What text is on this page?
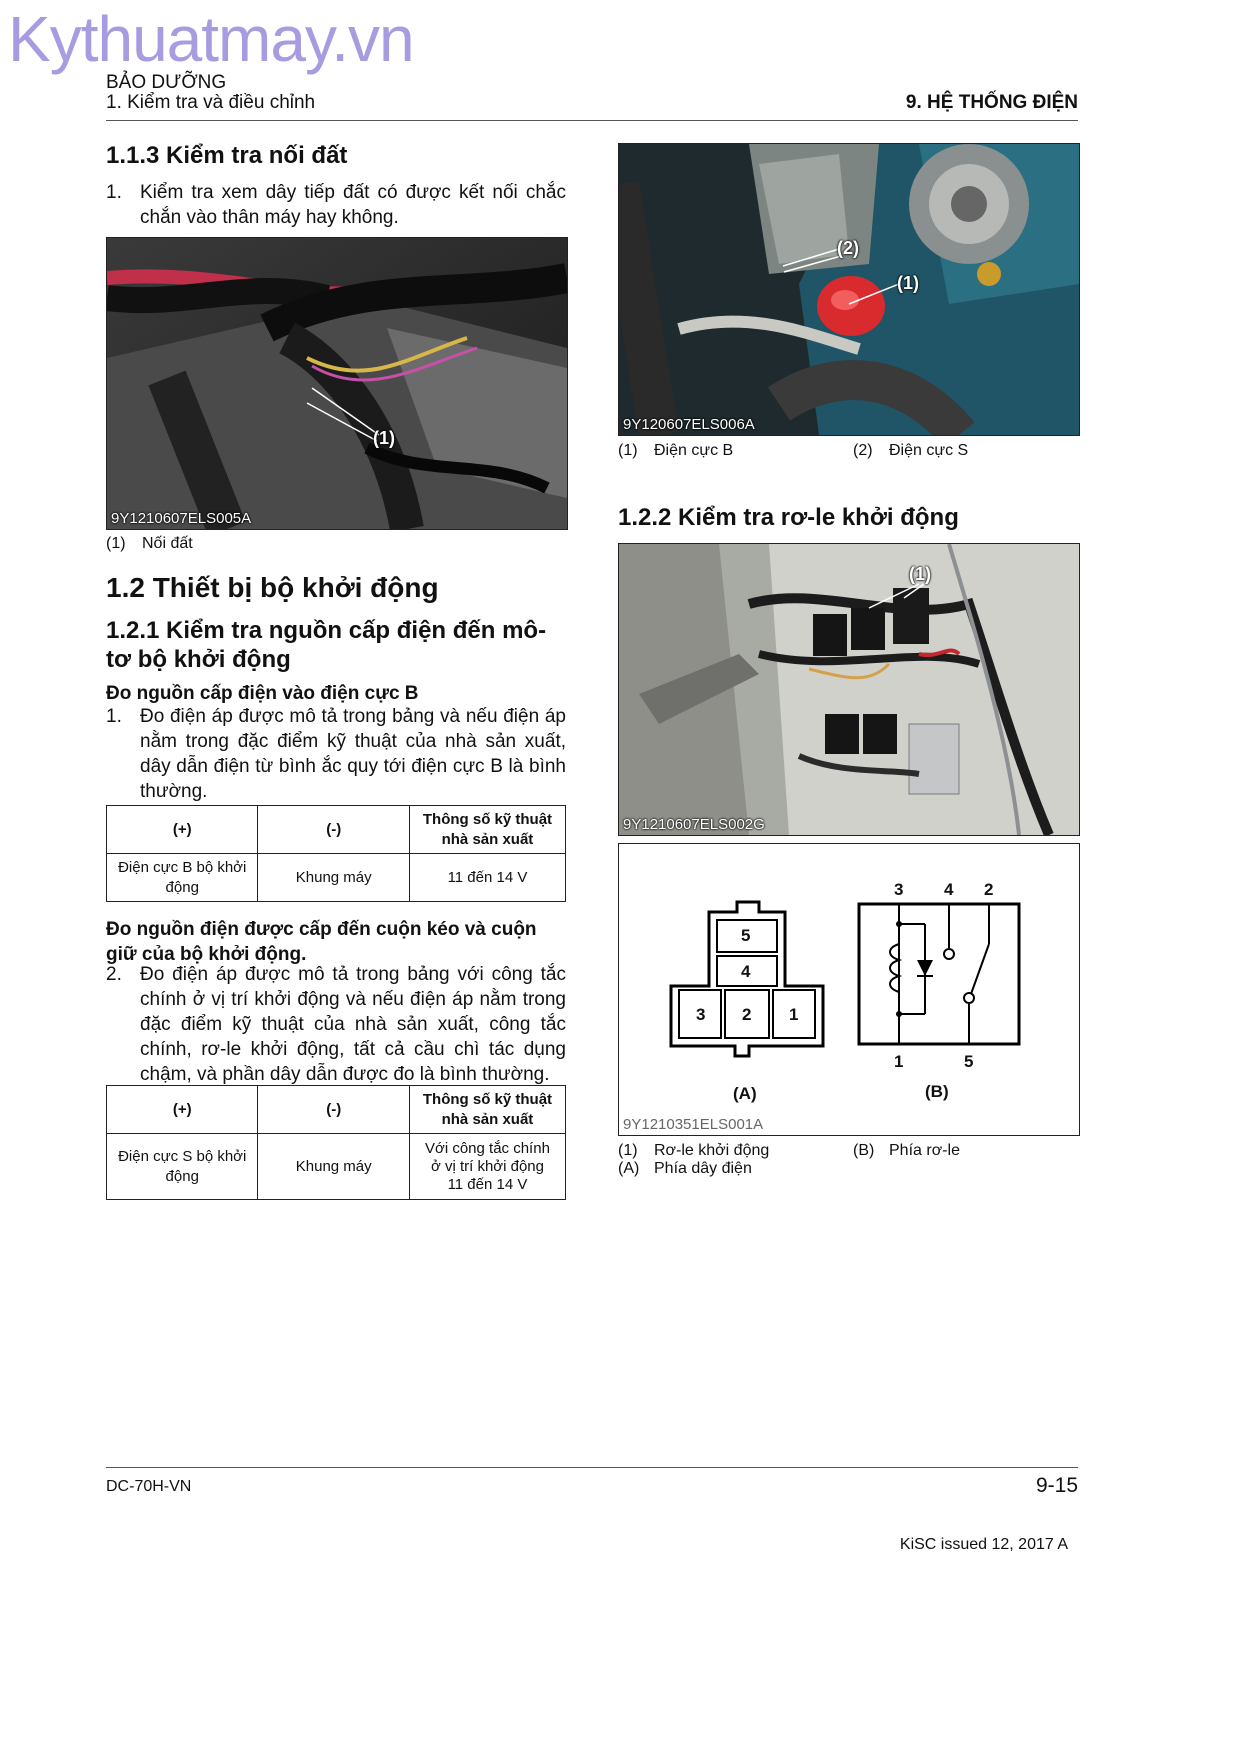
Kythuatmay.vn
BẢO DƯỠNG
1. Kiểm tra và điều chỉnh	9. HỆ THỐNG ĐIỆN
1.1.3 Kiểm tra nối đất
1. Kiểm tra xem dây tiếp đất có được kết nối chắc chắn vào thân máy hay không.
(1)
9Y1210607ELS005A
(1) Nối đất
1.2 Thiết bị bộ khởi động
1.2.1 Kiểm tra nguồn cấp điện đến mô-tơ bộ khởi động
Đo nguồn cấp điện vào điện cực B
1. Đo điện áp được mô tả trong bảng và nếu điện áp nằm trong đặc điểm kỹ thuật của nhà sản xuất, dây dẫn điện từ bình ắc quy tới điện cực B là bình thường.
(+)	(-)	Thông số kỹ thuật nhà sản xuất
Điện cực B bộ khởi động	Khung máy	11 đến 14 V
Đo nguồn điện được cấp đến cuộn kéo và cuộn giữ của bộ khởi động.
2. Đo điện áp được mô tả trong bảng với công tắc chính ở vị trí khởi động và nếu điện áp nằm trong đặc điểm kỹ thuật của nhà sản xuất, công tắc chính, rơ-le khởi động, tất cả cầu chì tác dụng chậm, và phần dây dẫn được đo là bình thường.
(+)	(-)	Thông số kỹ thuật nhà sản xuất
Điện cực S bộ khởi động	Khung máy	Với công tắc chính
ở vị trí khởi động
11 đến 14 V
(2)
(1)
9Y120607ELS006A
(1) Điện cực B	(2) Điện cực S
1.2.2 Kiểm tra rơ-le khởi động
(1)
9Y1210607ELS002G
5
4
3 2 1
3 4 2
1	5
(A)	(B)
9Y1210351ELS001A
(1) Rơ-le khởi động
(A) Phía dây điện
(B) Phía rơ-le
DC-70H-VN	9-15
KiSC issued 12, 2017 A
